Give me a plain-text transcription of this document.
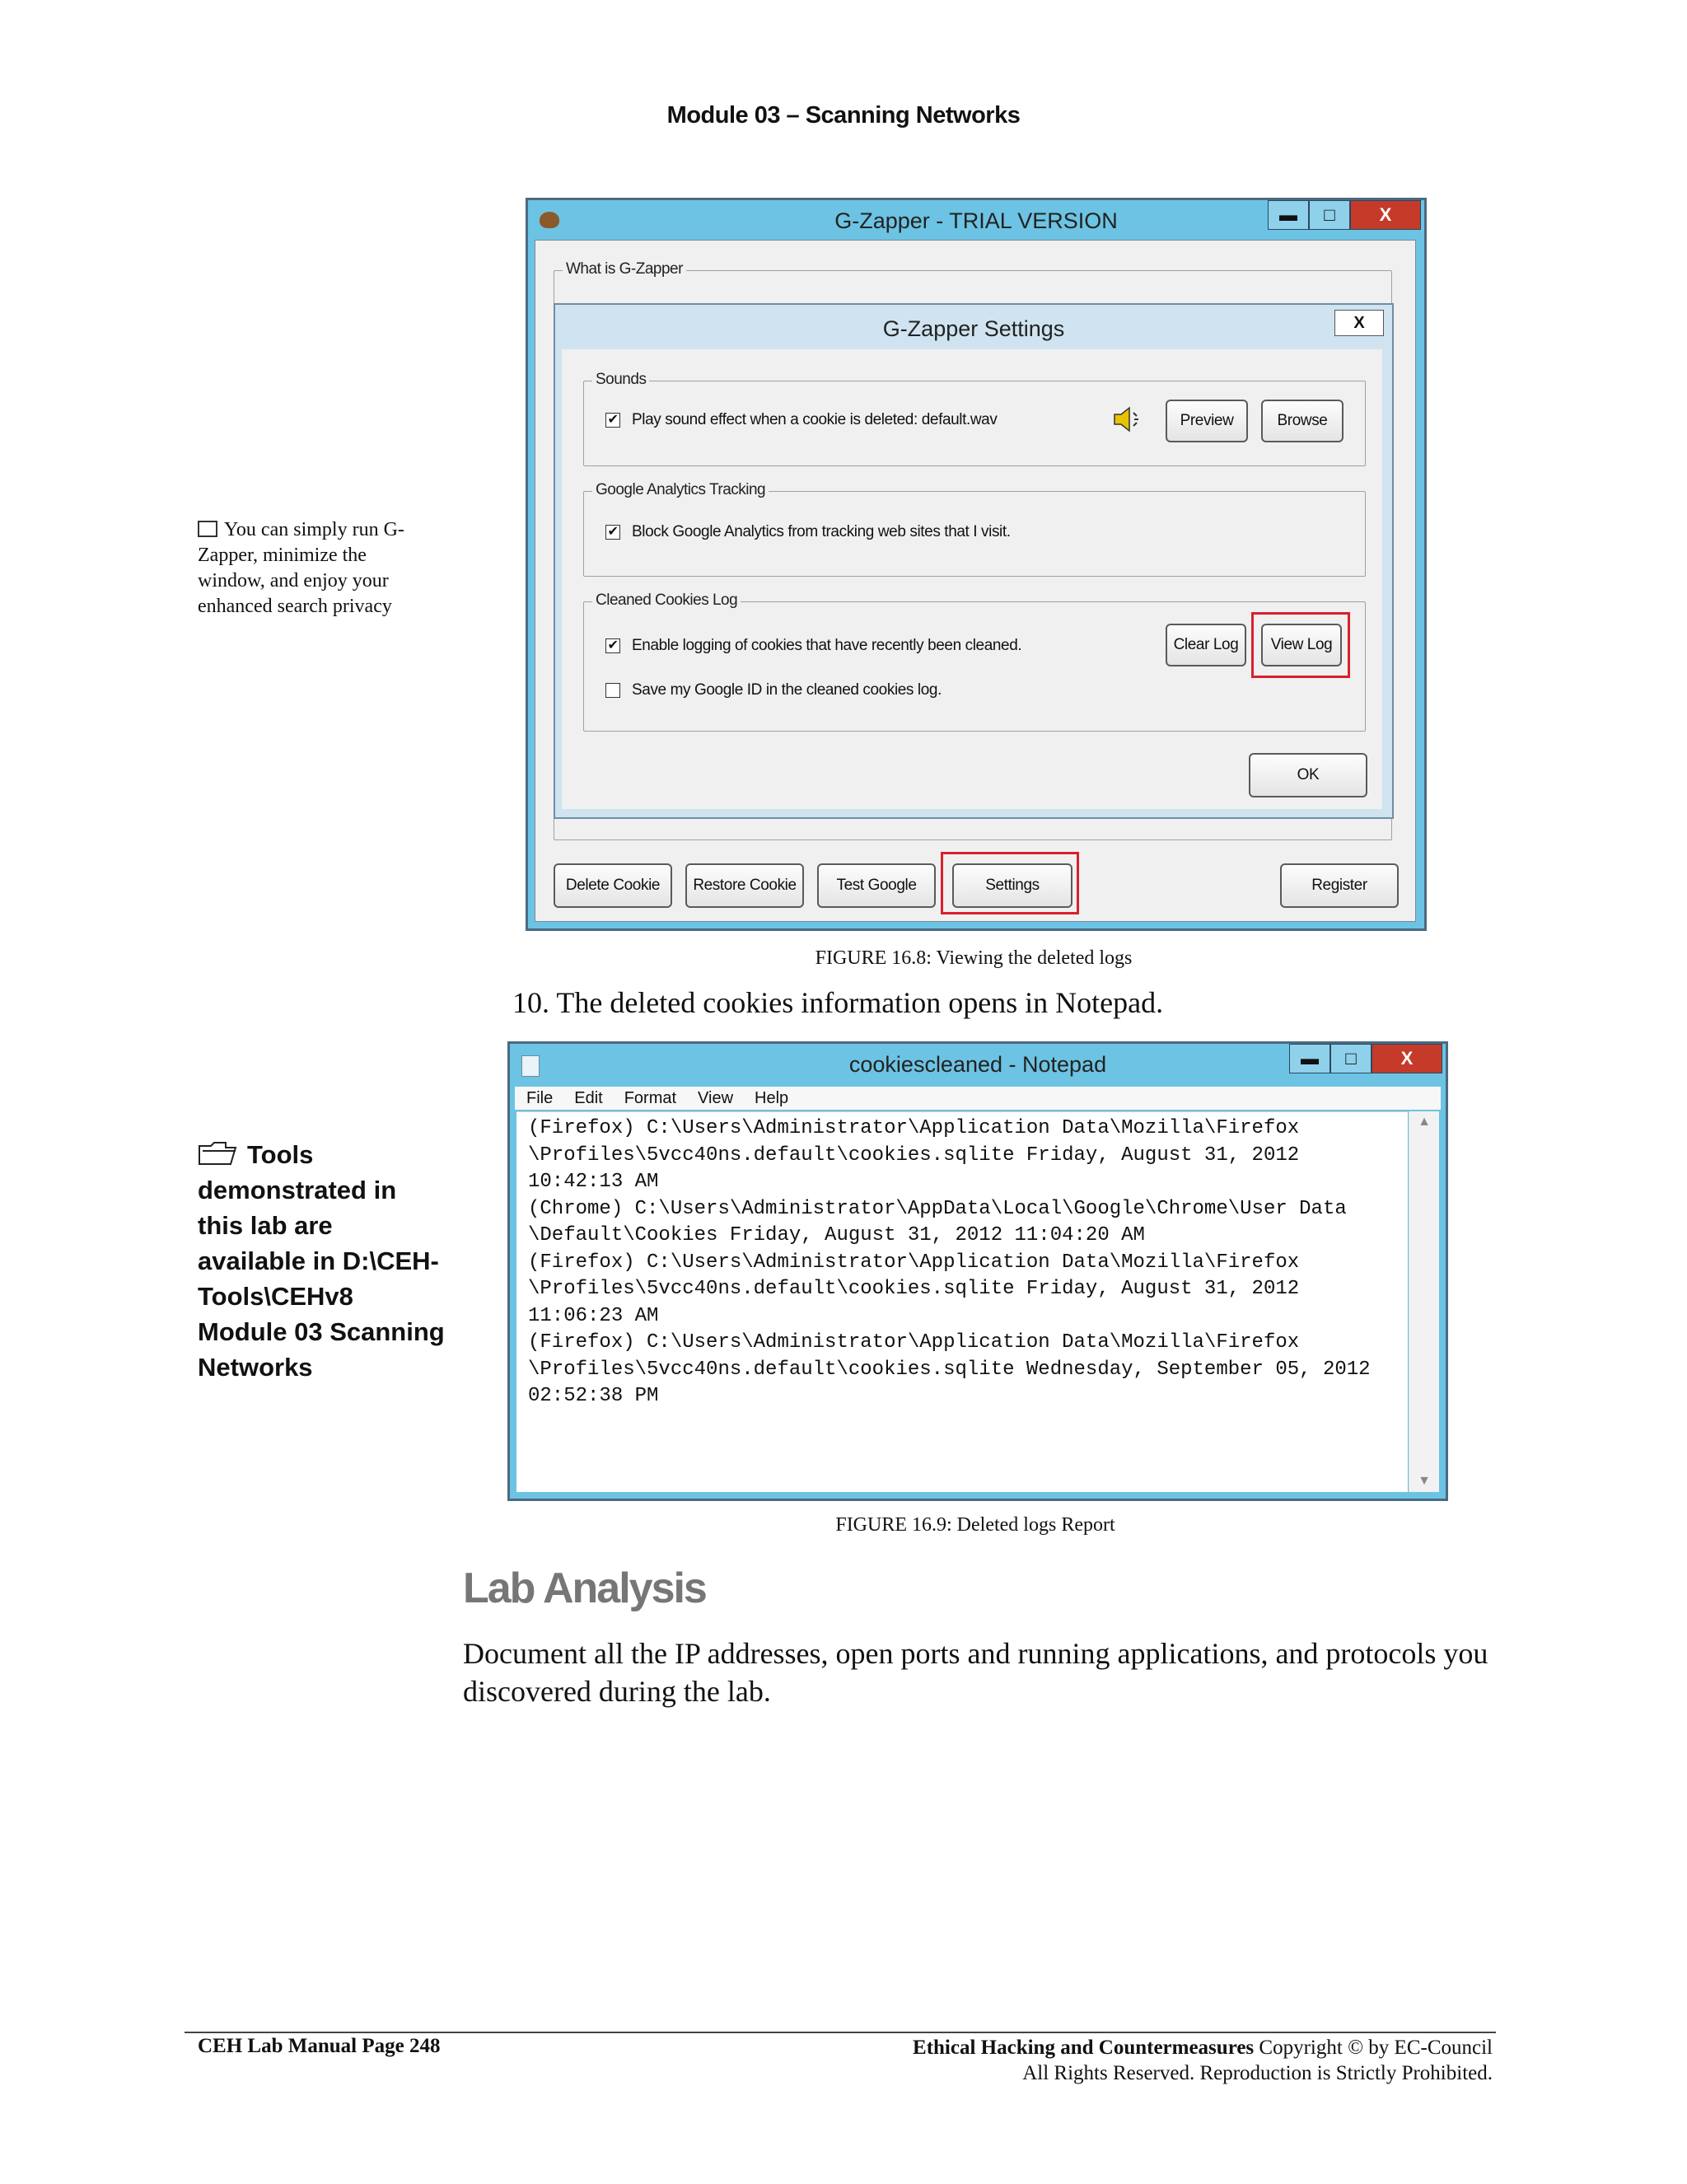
Module 03 – Scanning Networks
You can simply run G-Zapper, minimize the window, and enjoy your enhanced search privacy
Tools demonstrated in this lab are available in D:\CEH-Tools\CEHv8 Module 03 Scanning Networks
G-Zapper - TRIAL VERSION	▬	□	X
What is G-Zapper
G-Zapper Settings	X
Sounds
✔ Play sound effect when a cookie is deleted: default.wav	Preview	Browse
Google Analytics Tracking
✔ Block Google Analytics from tracking web sites that I visit.
Cleaned Cookies Log
✔ Enable logging of cookies that have recently been cleaned.
Save my Google ID in the cleaned cookies log.
Clear Log	View Log
OK
Delete Cookie	Restore Cookie	Test Google	Settings	Register
FIGURE 16.8: Viewing the deleted logs
10. The deleted cookies information opens in Notepad.
cookiescleaned - Notepad	▬	□	X
File Edit Format View Help
(Firefox) C:\Users\Administrator\Application Data\Mozilla\Firefox
\Profiles\5vcc40ns.default\cookies.sqlite Friday, August 31, 2012
10:42:13 AM
(Chrome) C:\Users\Administrator\AppData\Local\Google\Chrome\User Data
\Default\Cookies Friday, August 31, 2012 11:04:20 AM
(Firefox) C:\Users\Administrator\Application Data\Mozilla\Firefox
\Profiles\5vcc40ns.default\cookies.sqlite Friday, August 31, 2012
11:06:23 AM
(Firefox) C:\Users\Administrator\Application Data\Mozilla\Firefox
\Profiles\5vcc40ns.default\cookies.sqlite Wednesday, September 05, 2012
02:52:38 PM
▲
▼
FIGURE 16.9: Deleted logs Report
Lab Analysis
Document all the IP addresses, open ports and running applications, and protocols you discovered during the lab.
CEH Lab Manual Page 248	Ethical Hacking and Countermeasures Copyright © by EC-Council
All Rights Reserved. Reproduction is Strictly Prohibited.
